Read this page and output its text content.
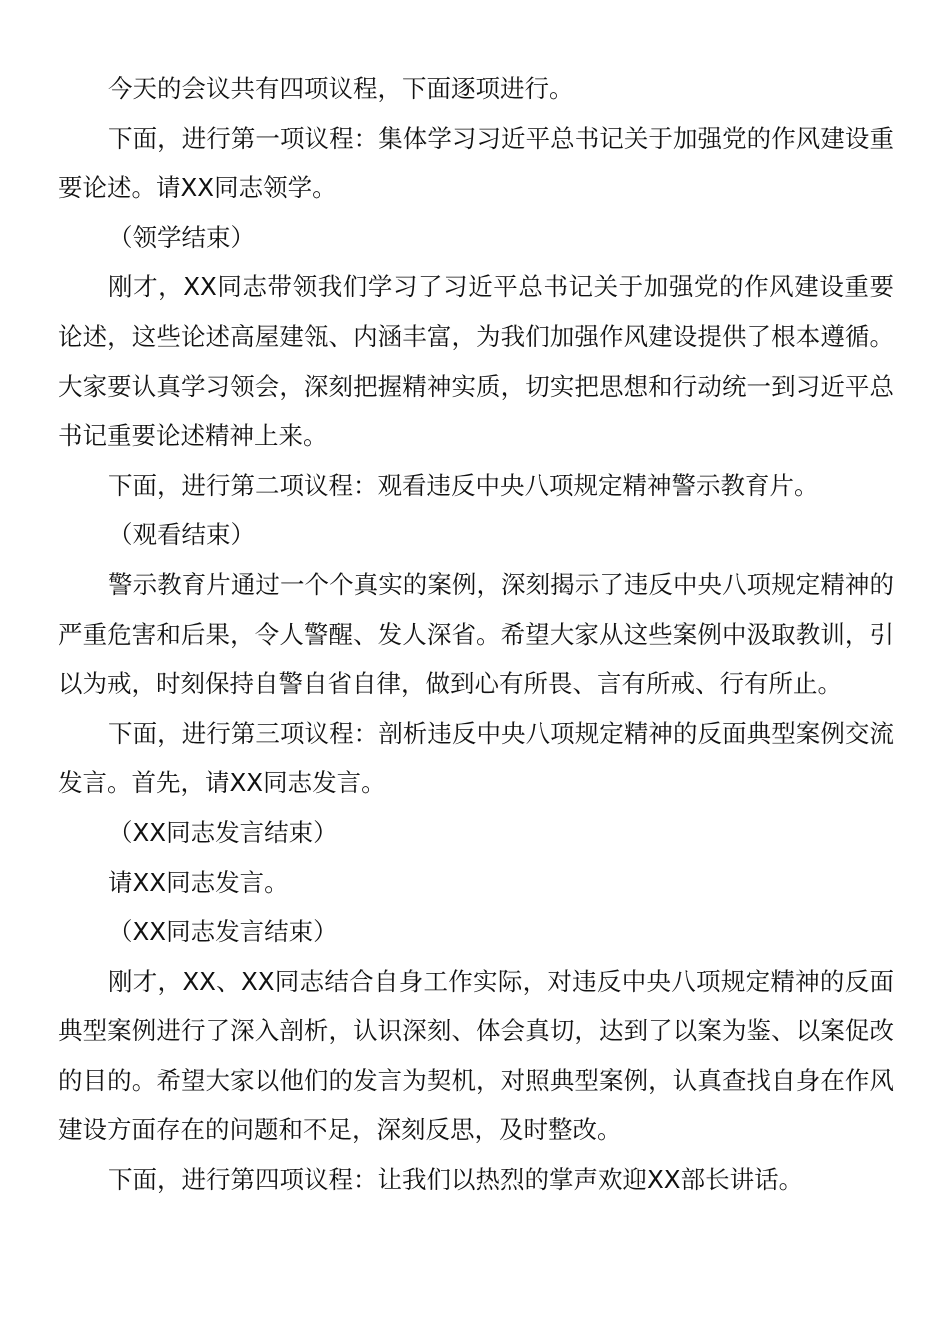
今天的会议共有四项议程，下面逐项进行。

下面，进行第一项议程：集体学习习近平总书记关于加强党的作风建设重要论述。请XX同志领学。

（领学结束）

刚才，XX同志带领我们学习了习近平总书记关于加强党的作风建设重要论述，这些论述高屋建瓴、内涵丰富，为我们加强作风建设提供了根本遵循。大家要认真学习领会，深刻把握精神实质，切实把思想和行动统一到习近平总书记重要论述精神上来。

下面，进行第二项议程：观看违反中央八项规定精神警示教育片。

（观看结束）

警示教育片通过一个个真实的案例，深刻揭示了违反中央八项规定精神的严重危害和后果，令人警醒、发人深省。希望大家从这些案例中汲取教训，引以为戒，时刻保持自警自省自律，做到心有所畏、言有所戒、行有所止。

下面，进行第三项议程：剖析违反中央八项规定精神的反面典型案例交流发言。首先，请XX同志发言。

（XX同志发言结束）

请XX同志发言。

（XX同志发言结束）

刚才，XX、XX同志结合自身工作实际，对违反中央八项规定精神的反面典型案例进行了深入剖析，认识深刻、体会真切，达到了以案为鉴、以案促改的目的。希望大家以他们的发言为契机，对照典型案例，认真查找自身在作风建设方面存在的问题和不足，深刻反思，及时整改。

下面，进行第四项议程：让我们以热烈的掌声欢迎XX部长讲话。
